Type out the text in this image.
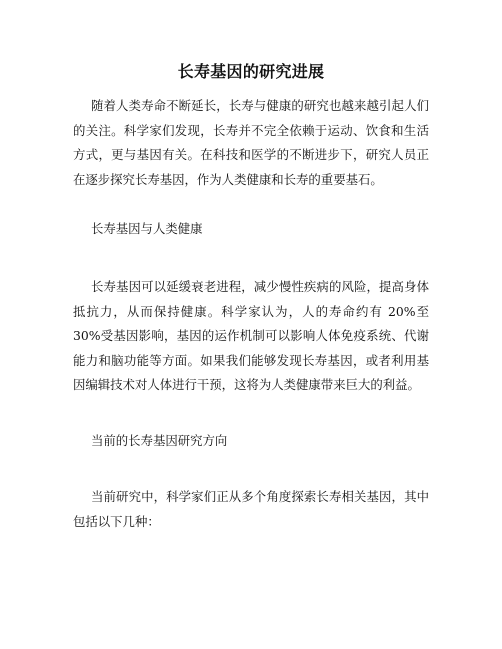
长寿基因的研究进展

随着人类寿命不断延长，长寿与健康的研究也越来越引起人们的关注。科学家们发现，长寿并不完全依赖于运动、饮食和生活方式，更与基因有关。在科技和医学的不断进步下，研究人员正在逐步探究长寿基因，作为人类健康和长寿的重要基石。

长寿基因与人类健康

长寿基因可以延缓衰老进程，减少慢性疾病的风险，提高身体抵抗力，从而保持健康。科学家认为，人的寿命约有 20%至 30%受基因影响，基因的运作机制可以影响人体免疫系统、代谢能力和脑功能等方面。如果我们能够发现长寿基因，或者利用基因编辑技术对人体进行干预，这将为人类健康带来巨大的利益。

当前的长寿基因研究方向

当前研究中，科学家们正从多个角度探索长寿相关基因，其中包括以下几种：
